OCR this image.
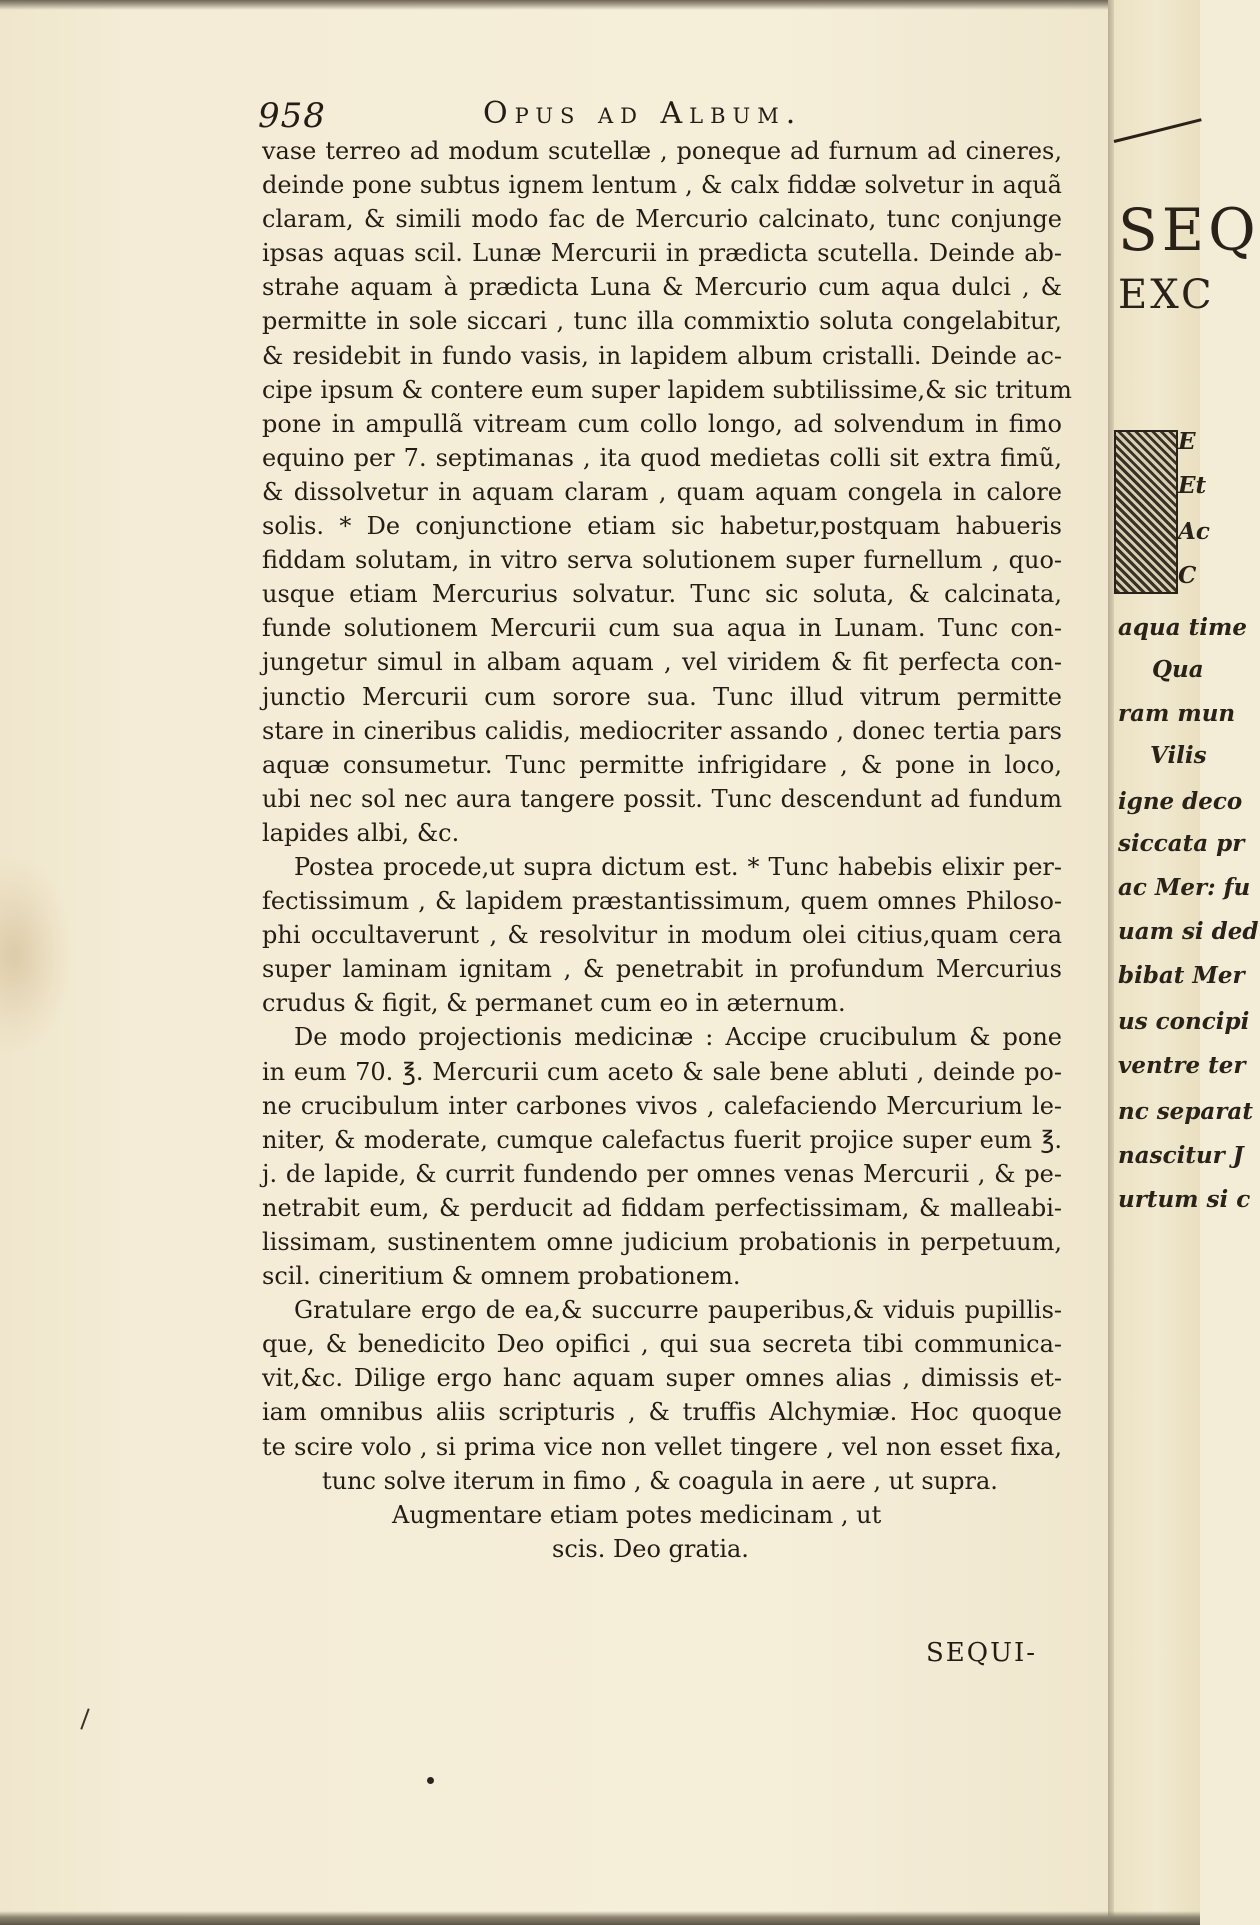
958	Opus ad Album.
vase terreo ad modum scutellæ , poneque ad furnum ad cineres,
deinde pone subtus ignem lentum , & calx fiddæ solvetur in aquã
claram, & simili modo fac de Mercurio calcinato, tunc conjunge
ipsas aquas scil. Lunæ Mercurii in prædicta scutella. Deinde ab-
strahe aquam à prædicta Luna & Mercurio cum aqua dulci , &
permitte in sole siccari , tunc illa commixtio soluta congelabitur,
& residebit in fundo vasis, in lapidem album cristalli. Deinde ac-
cipe ipsum & contere eum super lapidem subtilissime,& sic tritum
pone in ampullã vitream cum collo longo, ad solvendum in fimo
equino per 7. septimanas , ita quod medietas colli sit extra fimũ,
& dissolvetur in aquam claram , quam aquam congela in calore
solis. * De conjunctione etiam sic habetur,postquam habueris
fiddam solutam, in vitro serva solutionem super furnellum , quo-
usque etiam Mercurius solvatur. Tunc sic soluta, & calcinata,
funde solutionem Mercurii cum sua aqua in Lunam. Tunc con-
jungetur simul in albam aquam , vel viridem & fit perfecta con-
junctio Mercurii cum sorore sua. Tunc illud vitrum permitte
stare in cineribus calidis, mediocriter assando , donec tertia pars
aquæ consumetur. Tunc permitte infrigidare , & pone in loco,
ubi nec sol nec aura tangere possit. Tunc descendunt ad fundum
lapides albi, &c.
Postea procede,ut supra dictum est. * Tunc habebis elixir per-
fectissimum , & lapidem præstantissimum, quem omnes Philoso-
phi occultaverunt , & resolvitur in modum olei citius,quam cera
super laminam ignitam , & penetrabit in profundum Mercurius
crudus & figit, & permanet cum eo in æternum.
De modo projectionis medicinæ : Accipe crucibulum & pone
in eum 70. ℥. Mercurii cum aceto & sale bene abluti , deinde po-
ne crucibulum inter carbones vivos , calefaciendo Mercurium le-
niter, & moderate, cumque calefactus fuerit projice super eum ℥.
j. de lapide, & currit fundendo per omnes venas Mercurii , & pe-
netrabit eum, & perducit ad fiddam perfectissimam, & malleabi-
lissimam, sustinentem omne judicium probationis in perpetuum,
scil. cineritium & omnem probationem.
Gratulare ergo de ea,& succurre pauperibus,& viduis pupillis-
que, & benedicito Deo opifici , qui sua secreta tibi communica-
vit,&c. Dilige ergo hanc aquam super omnes alias , dimissis et-
iam omnibus aliis scripturis , & truffis Alchymiæ. Hoc quoque
te scire volo , si prima vice non vellet tingere , vel non esset fixa,
tunc solve iterum in fimo , & coagula in aere , ut supra.
Augmentare etiam potes medicinam , ut
scis. Deo gratia.
SEQUI-
SEQ
EXC
E
Et
Ac
C
aqua time
Qua
ram mun
Vilis
igne deco
siccata pr
ac Mer: fu
uam si ded
bibat Mer
us concipi
ventre ter
nc separat
nascitur J
urtum si c
